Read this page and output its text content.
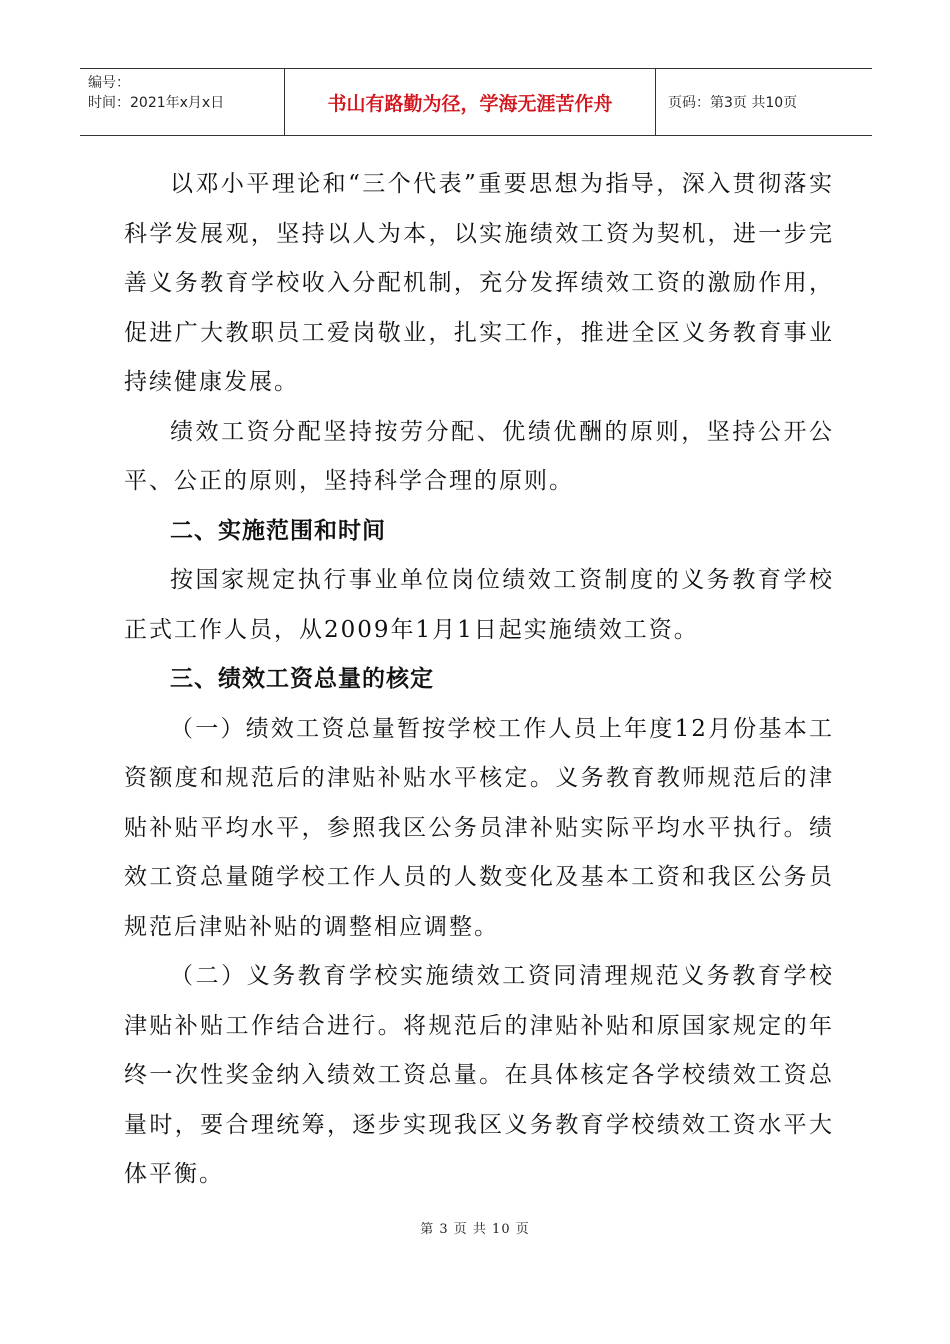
编号：
时间：2021年x月x日	书山有路勤为径，学海无涯苦作舟	页码：第3页 共10页

以邓小平理论和“三个代表”重要思想为指导，深入贯彻落实科学发展观，坚持以人为本，以实施绩效工资为契机，进一步完善义务教育学校收入分配机制，充分发挥绩效工资的激励作用，促进广大教职员工爱岗敬业，扎实工作，推进全区义务教育事业持续健康发展。

绩效工资分配坚持按劳分配、优绩优酬的原则，坚持公开公平、公正的原则，坚持科学合理的原则。

二、实施范围和时间

按国家规定执行事业单位岗位绩效工资制度的义务教育学校正式工作人员，从2009年1月1日起实施绩效工资。

三、绩效工资总量的核定

（一）绩效工资总量暂按学校工作人员上年度12月份基本工资额度和规范后的津贴补贴水平核定。义务教育教师规范后的津贴补贴平均水平，参照我区公务员津补贴实际平均水平执行。绩效工资总量随学校工作人员的人数变化及基本工资和我区公务员规范后津贴补贴的调整相应调整。

（二）义务教育学校实施绩效工资同清理规范义务教育学校津贴补贴工作结合进行。将规范后的津贴补贴和原国家规定的年终一次性奖金纳入绩效工资总量。在具体核定各学校绩效工资总量时，要合理统筹，逐步实现我区义务教育学校绩效工资水平大体平衡。

第 3 页 共 10 页
